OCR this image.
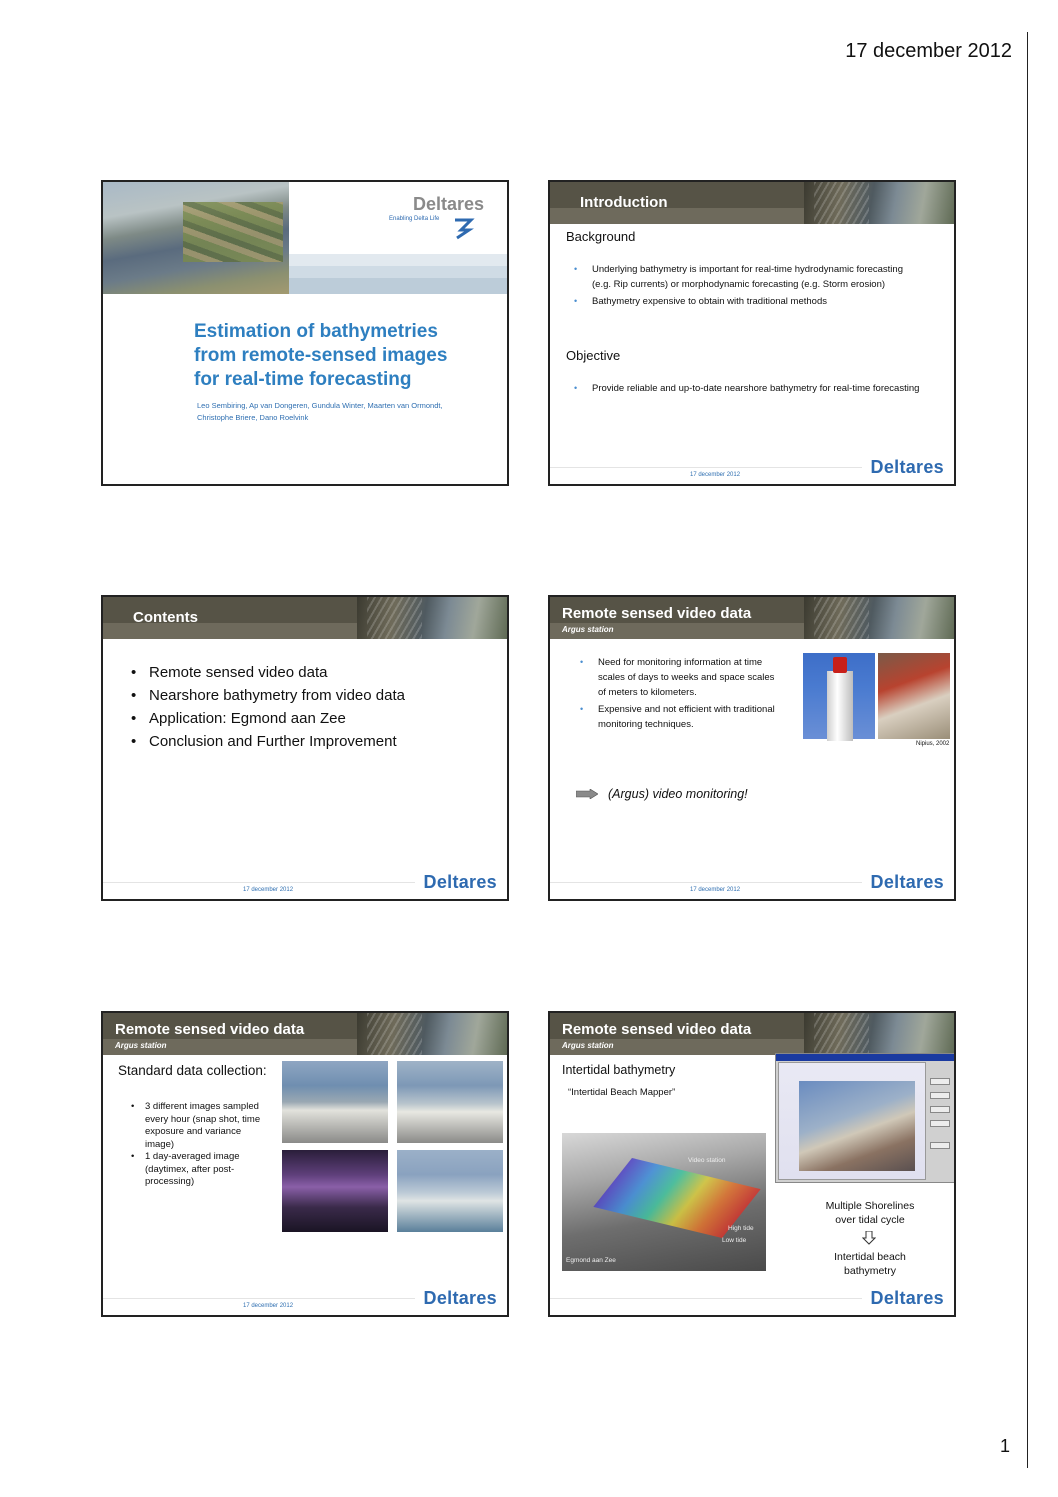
17 december 2012
Deltares
Enabling Delta Life
Estimation of bathymetries
from remote-sensed images
for real-time forecasting
Leo Sembiring, Ap van Dongeren, Gundula Winter, Maarten van Ormondt,
Christophe Briere, Dano Roelvink
Introduction
Background
• Underlying bathymetry is important for real-time hydrodynamic forecasting
(e.g. Rip currents) or morphodynamic forecasting (e.g. Storm erosion)
• Bathymetry expensive to obtain with traditional methods
Objective
• Provide reliable and up-to-date nearshore bathymetry for real-time forecasting
17 december 2012	Deltares
Contents
• Remote sensed video data
• Nearshore bathymetry from video data
• Application: Egmond aan Zee
• Conclusion and Further Improvement
17 december 2012	Deltares
Remote sensed video data
Argus station
• Need for monitoring information at time
scales of days to weeks and space scales
of meters to kilometers.
• Expensive and not efficient with traditional
monitoring techniques.
Nipius, 2002
(Argus) video monitoring!
17 december 2012	Deltares
Remote sensed video data
Argus station
Standard data collection:
• 3 different images sampled every hour (snap shot, time exposure and variance image)
• 1 day-averaged image (daytimex, after post-processing)
17 december 2012	Deltares
Remote sensed video data
Argus station
Intertidal bathymetry
“Intertidal Beach Mapper”
Video station
High tide
Low tide
Egmond aan Zee
Multiple Shorelines
over tidal cycle
Intertidal beach
bathymetry
Deltares
1
